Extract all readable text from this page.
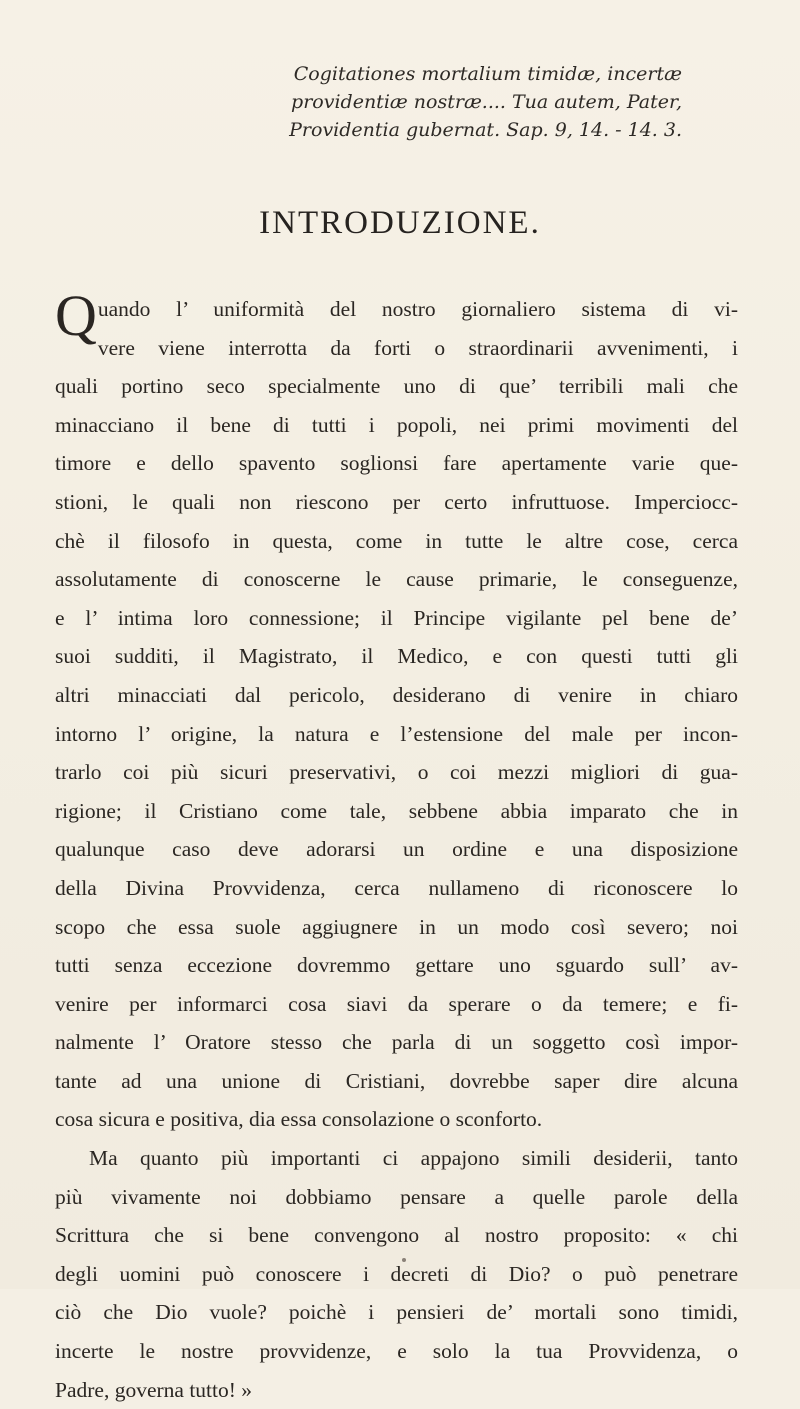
Cogitationes mortalium timidæ, incertæ
providentiæ nostræ.... Tua autem, Pater,
Providentia gubernat. Sap. 9, 14. - 14. 3.
INTRODUZIONE.
Q uando l’ uniformità del nostro giornaliero sistema di vi-
vere viene interrotta da forti o straordinarii avvenimenti, i
quali portino seco specialmente uno di que’ terribili mali che
minacciano il bene di tutti i popoli, nei primi movimenti del
timore e dello spavento soglionsi fare apertamente varie que-
stioni, le quali non riescono per certo infruttuose. Imperciocc-
chè il filosofo in questa, come in tutte le altre cose, cerca
assolutamente di conoscerne le cause primarie, le conseguenze,
e l’ intima loro connessione; il Principe vigilante pel bene de’
suoi sudditi, il Magistrato, il Medico, e con questi tutti gli
altri minacciati dal pericolo, desiderano di venire in chiaro
intorno l’ origine, la natura e l’estensione del male per incon-
trarlo coi più sicuri preservativi, o coi mezzi migliori di gua-
rigione; il Cristiano come tale, sebbene abbia imparato che in
qualunque caso deve adorarsi un ordine e una disposizione
della Divina Provvidenza, cerca nullameno di riconoscere lo
scopo che essa suole aggiugnere in un modo così severo; noi
tutti senza eccezione dovremmo gettare uno sguardo sull’ av-
venire per informarci cosa siavi da sperare o da temere; e fi-
nalmente l’ Oratore stesso che parla di un soggetto così impor-
tante ad una unione di Cristiani, dovrebbe saper dire alcuna
cosa sicura e positiva, dia essa consolazione o sconforto.
Ma quanto più importanti ci appajono simili desiderii, tanto
più vivamente noi dobbiamo pensare a quelle parole della
Scrittura che si bene convengono al nostro proposito: « chi
degli uomini può conoscere i decreti di Dio? o può penetrare
ciò che Dio vuole? poichè i pensieri de’ mortali sono timidi,
incerte le nostre provvidenze, e solo la tua Provvidenza, o
Padre, governa tutto! »
